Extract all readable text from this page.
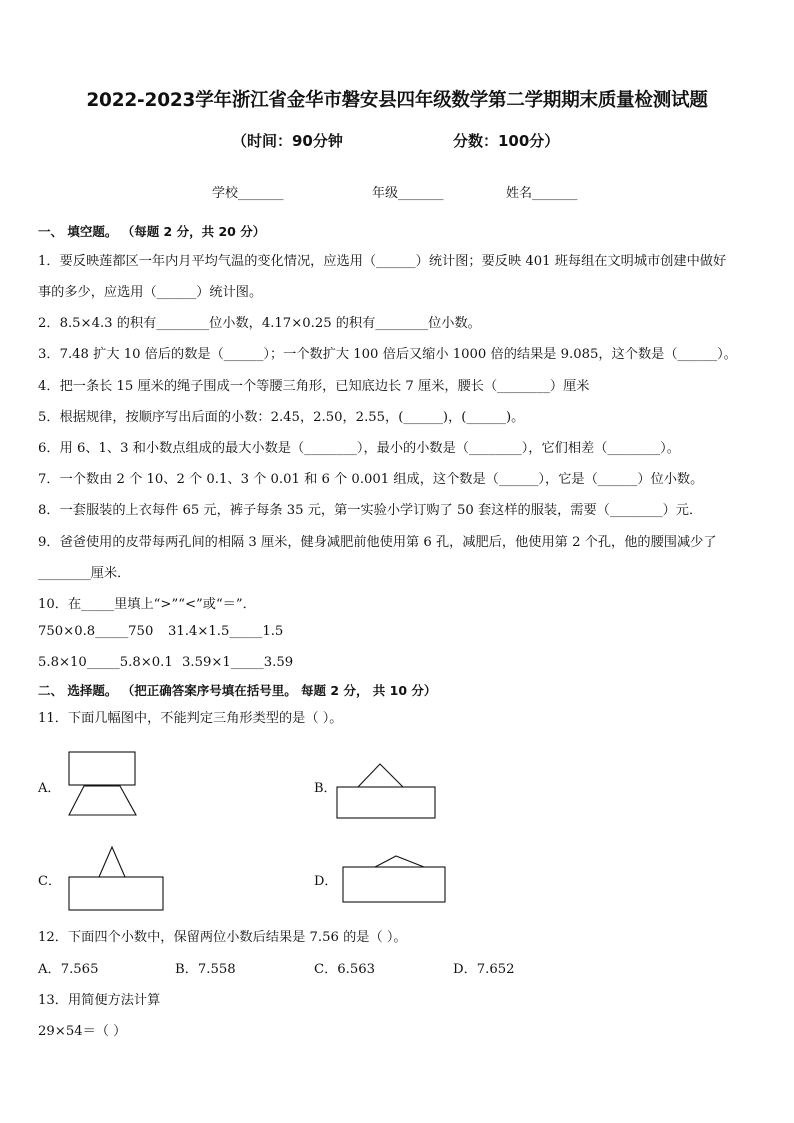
2022-2023学年浙江省金华市磐安县四年级数学第二学期期末质量检测试题
（时间：90分钟	分数：100分）
学校_______	年级_______	姓名_______
一、 填空题。 （每题 2 分，共 20 分）
1．要反映莲都区一年内月平均气温的变化情况，应选用（______）统计图；要反映 401 班每组在文明城市创建中做好
事的多少，应选用（______）统计图。
2．8.5×4.3 的积有________位小数，4.17×0.25 的积有________位小数。
3．7.48 扩大 10 倍后的数是（______）；一个数扩大 100 倍后又缩小 1000 倍的结果是 9.085，这个数是（______）。
4．把一条长 15 厘米的绳子围成一个等腰三角形，已知底边长 7 厘米，腰长（________）厘米
5．根据规律，按顺序写出后面的小数：2.45，2.50，2.55，(______)，(______)。
6．用 6、1、3 和小数点组成的最大小数是（________），最小的小数是（________），它们相差（________）。
7．一个数由 2 个 10、2 个 0.1、3 个 0.01 和 6 个 0.001 组成，这个数是（______），它是（______）位小数。
8．一套服装的上衣每件 65 元，裤子每条 35 元，第一实验小学订购了 50 套这样的服装，需要（________）元．
9．爸爸使用的皮带每两孔间的相隔 3 厘米，健身减肥前他使用第 6 孔，减肥后，他使用第 2 个孔，他的腰围减少了
________厘米．
10．在_____里填上“>”“<”或“＝”．
750×0.8_____750 31.4×1.5_____1.5
5.8×10_____5.8×0.1 3.59×1_____3.59
二、 选择题。 （把正确答案序号填在括号里。 每题 2 分， 共 10 分）
11．下面几幅图中，不能判定三角形类型的是（ ）。
A．	B．
C．	D．
12．下面四个小数中，保留两位小数后结果是 7.56 的是（ ）。
A．7.565	B．7.558	C．6.563	D．7.652
13．用简便方法计算
29×54＝（ ）
